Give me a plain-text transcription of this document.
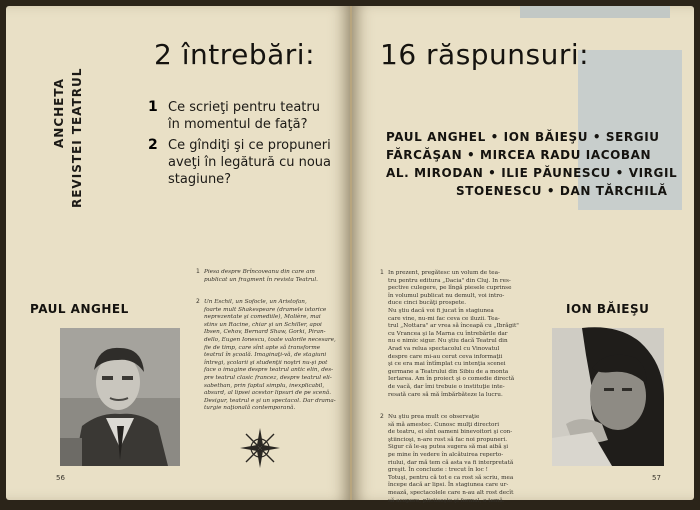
ANCHETA REVISTEI TEATRUL
2 întrebări:
1 Ce scrieţi pentru teatru
în momentul de faţă?
2 Ce gîndiţi şi ce propuneri
aveţi în legătură cu noua
stagiune?
PAUL ANGHEL
1 Piesa despre Brîncoveanu din care am
publicat un fragment în revista Teatrul.
2 Un Eschil, un Sofocle, un Aristofan,
foarte mult Shakespeare (dramele istorice
neprezentate şi comediile), Molière, mai
stins un Racine, chiar şi un Schiller, apoi
Ibsen, Cehov, Bernard Shaw, Gorki, Piran-
dello, Eugen Ionescu, toate valorile necesare,
fie de timp, care sînt apte să transforme
teatrul în şcoală. Imaginaţi-vă, de stagiuni
întregi, şcolarii şi studenţii noştri nu-şi pot
face o imagine despre teatrul antic elin, des-
pre teatrul clasic francez, despre teatrul eli-
sabethan, prin faptul simplu, inexplicabil,
absurd, al lipsei acestor lipsuri de pe scenă.
Desigur, teatrul e şi un spectacol. Dar drama-
turgie naţională contemporană.
56
16 răspunsuri:
PAUL ANGHEL • ION BĂIEŞU • SERGIU
FĂRCĂŞAN • MIRCEA RADU IACOBAN
AL. MIRODAN • ILIE PĂUNESCU • VIRGIL
STOENESCU • DAN TĂRCHILĂ
1 In prezent, pregătesc un volum de tea-
tru pentru editura „Dacia" din Cluj. In res-
pective culegere, pe lîngă piesele cuprinse
în volumul publicat nu demult, voi intro-
duce cinci bucăţi prospete.
Nu ştiu dacă voi fi jucat în stagiunea
care vine, nu-mi fac ceva ce iluzii. Tea-
trul „Nottara" ar vrea să înceapă cu „Ibrăgit"
cu Vrancea şi la Marna cu întrebările dar
nu e nimic sigur. Nu ştiu dacă Teatrul din
Arad va relua spectacolul cu Vinovatul
despre care mi-au cerut ceva informaţii
şi ce era mai întîmplat cu intenţia scenei
germane a Teatrului din Sibiu de a monta
Iertarea. Am în proiect şi o comedie directă
de vacă, dar îmi trebuie o instituţie inte-
resată care să mă îmbărbăteze la lucru.
2 Nu ştiu prea mult ce observaţie
să mă amestec. Cunosc mulţi directori
de teatru, ei sînt oameni binevoitori şi con-
ştiincioşi, n-are rost să fac noi propuneri.
Sigur că le-aş putea sugera să mai aibă şi
pe mine în vedere în alcătuirea reperto-
riului, dar mă tem că asta va fi interpretată
greşit. În concluzie : trecut în loc !
Totuşi, pentru că tot e ca rost să scriu, mea
începe dacă ar lipsi. În stagiunea care ur-
mează, spectacolele care n-au alt rost decît
să acopere, plictiseşte şi formal, o temă.
ION BĂIEŞU
57
